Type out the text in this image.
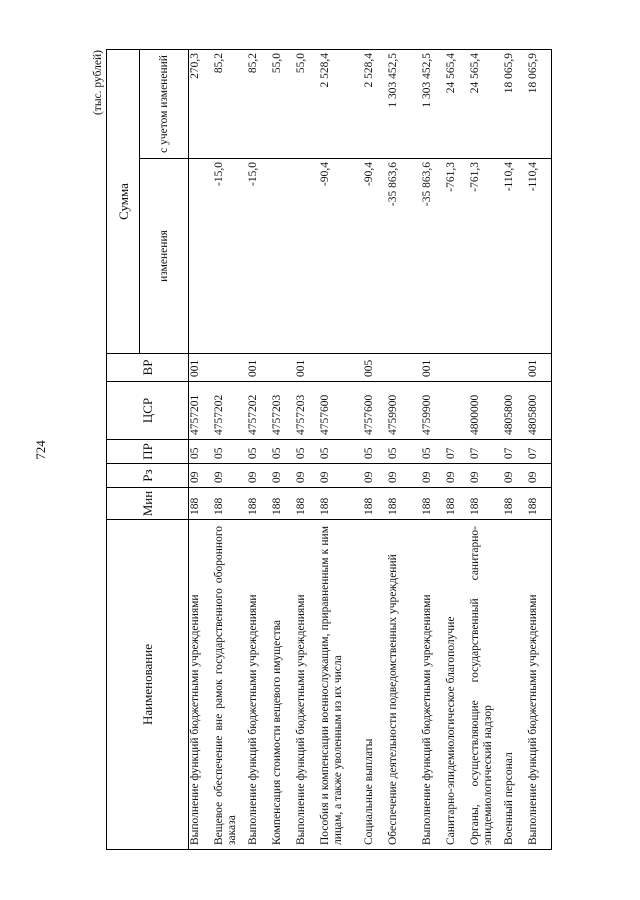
724
(тыс. рублей)
Наименование	Мин	Рз	ПР	ЦСР	ВР	Сумма	
						изменения	с учетом изменений
Выполнение функций бюджетными учреждениями	188	09	05	4757201	001		270,3
Вещевое обеспечение вне рамок государственного оборонного заказа	188	09	05	4757202		-15,0	85,2
Выполнение функций бюджетными учреждениями	188	09	05	4757202	001	-15,0	85,2
Компенсация стоимости вещевого имущества	188	09	05	4757203			55,0
Выполнение функций бюджетными учреждениями	188	09	05	4757203	001		55,0
Пособия и компенсации военнослужащим, приравненным к ним лицам, а также уволенным из их числа	188	09	05	4757600		-90,4	2 528,4
Социальные выплаты	188	09	05	4757600	005	-90,4	2 528,4
Обеспечение деятельности подведомственных учреждений	188	09	05	4759900		-35 863,6	1 303 452,5
Выполнение функций бюджетными учреждениями	188	09	05	4759900	001	-35 863,6	1 303 452,5
Санитарно-эпидемиологическое благополучие	188	09	07			-761,3	24 565,4
Органы, осуществляющие государственный санитарно-эпидемиологический надзор	188	09	07	4800000		-761,3	24 565,4
Военный персонал	188	09	07	4805800		-110,4	18 065,9
Выполнение функций бюджетными учреждениями	188	09	07	4805800	001	-110,4	18 065,9
